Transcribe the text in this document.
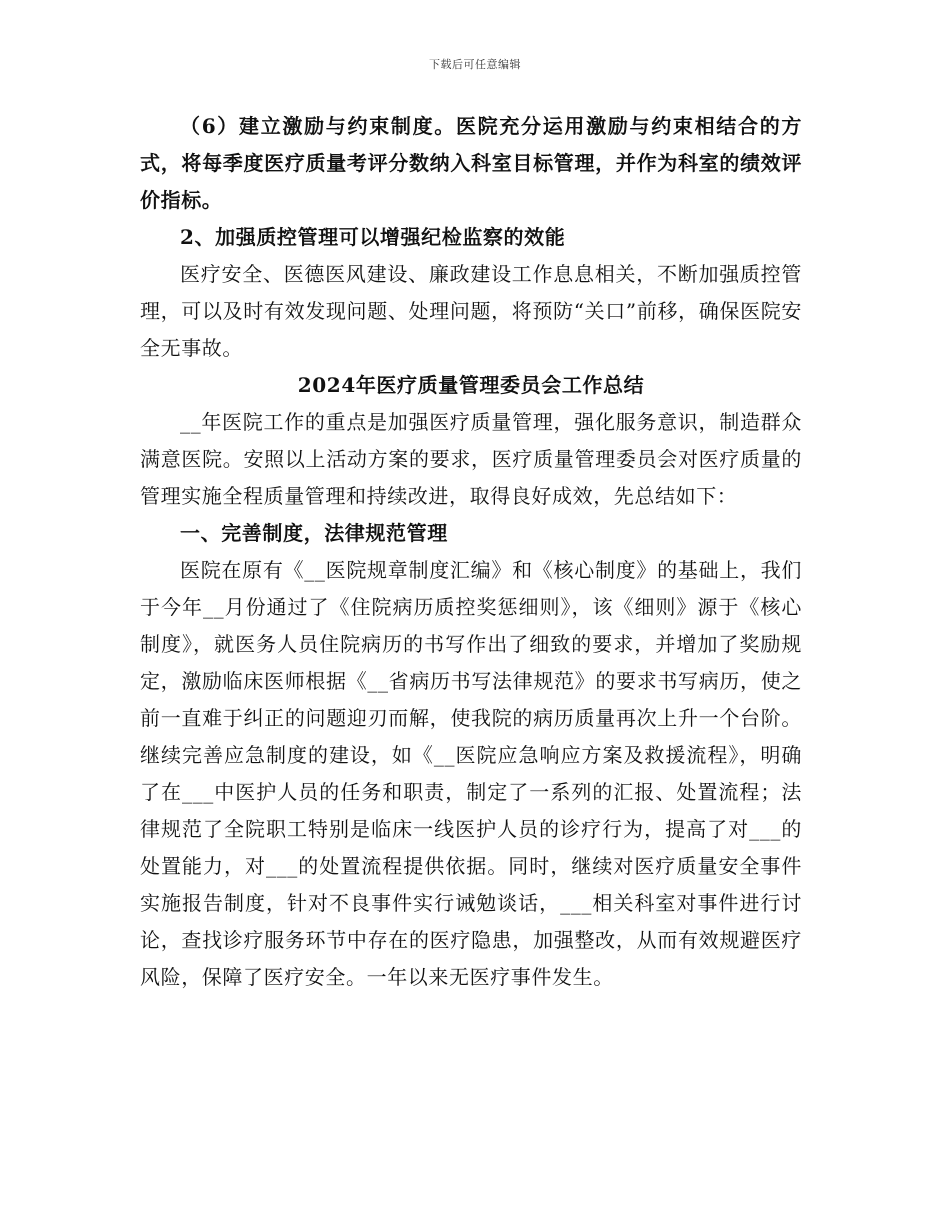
下载后可任意编辑

（6）建立激励与约束制度。医院充分运用激励与约束相结合的方式，将每季度医疗质量考评分数纳入科室目标管理，并作为科室的绩效评价指标。

2、加强质控管理可以增强纪检监察的效能

医疗安全、医德医风建设、廉政建设工作息息相关，不断加强质控管理，可以及时有效发现问题、处理问题，将预防“关口”前移，确保医院安全无事故。

2024年医疗质量管理委员会工作总结

__年医院工作的重点是加强医疗质量管理，强化服务意识，制造群众满意医院。安照以上活动方案的要求，医疗质量管理委员会对医疗质量的管理实施全程质量管理和持续改进，取得良好成效，先总结如下：

一、完善制度，法律规范管理

医院在原有《__医院规章制度汇编》和《核心制度》的基础上，我们于今年__月份通过了《住院病历质控奖惩细则》，该《细则》源于《核心制度》，就医务人员住院病历的书写作出了细致的要求，并增加了奖励规定，激励临床医师根据《__省病历书写法律规范》的要求书写病历，使之前一直难于纠正的问题迎刃而解，使我院的病历质量再次上升一个台阶。继续完善应急制度的建设，如《__医院应急响应方案及救援流程》，明确了在___中医护人员的任务和职责，制定了一系列的汇报、处置流程；法律规范了全院职工特别是临床一线医护人员的诊疗行为，提高了对___的处置能力，对___的处置流程提供依据。同时，继续对医疗质量安全事件实施报告制度，针对不良事件实行诫勉谈话，___相关科室对事件进行讨论，查找诊疗服务环节中存在的医疗隐患，加强整改，从而有效规避医疗风险，保障了医疗安全。一年以来无医疗事件发生。
